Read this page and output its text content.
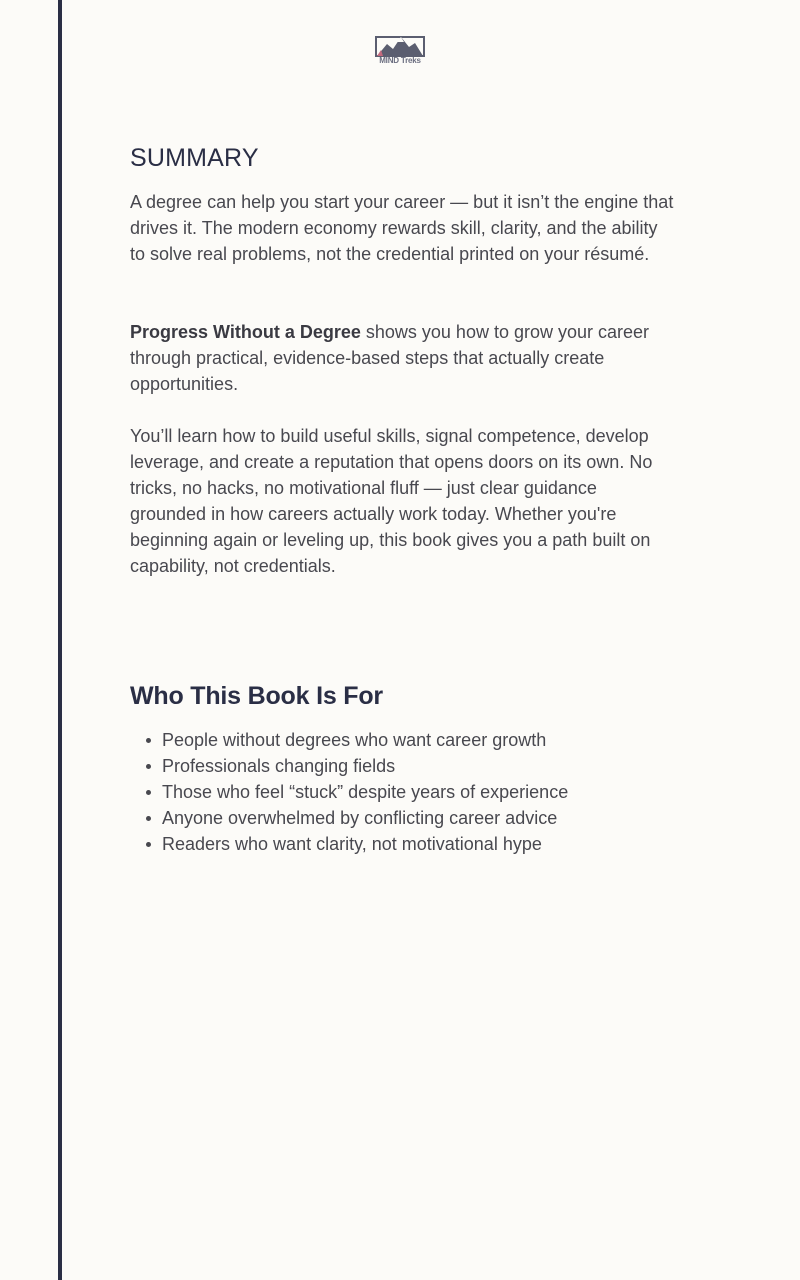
MIND Treks
SUMMARY

A degree can help you start your career — but it isn’t the engine that drives it. The modern economy rewards skill, clarity, and the ability to solve real problems, not the credential printed on your résumé.

Progress Without a Degree shows you how to grow your career through practical, evidence-based steps that actually create opportunities.

You’ll learn how to build useful skills, signal competence, develop leverage, and create a reputation that opens doors on its own. No tricks, no hacks, no motivational fluff — just clear guidance grounded in how careers actually work today. Whether you're beginning again or leveling up, this book gives you a path built on capability, not credentials.

Who This Book Is For
People without degrees who want career growth
Professionals changing fields
Those who feel “stuck” despite years of experience
Anyone overwhelmed by conflicting career advice
Readers who want clarity, not motivational hype
